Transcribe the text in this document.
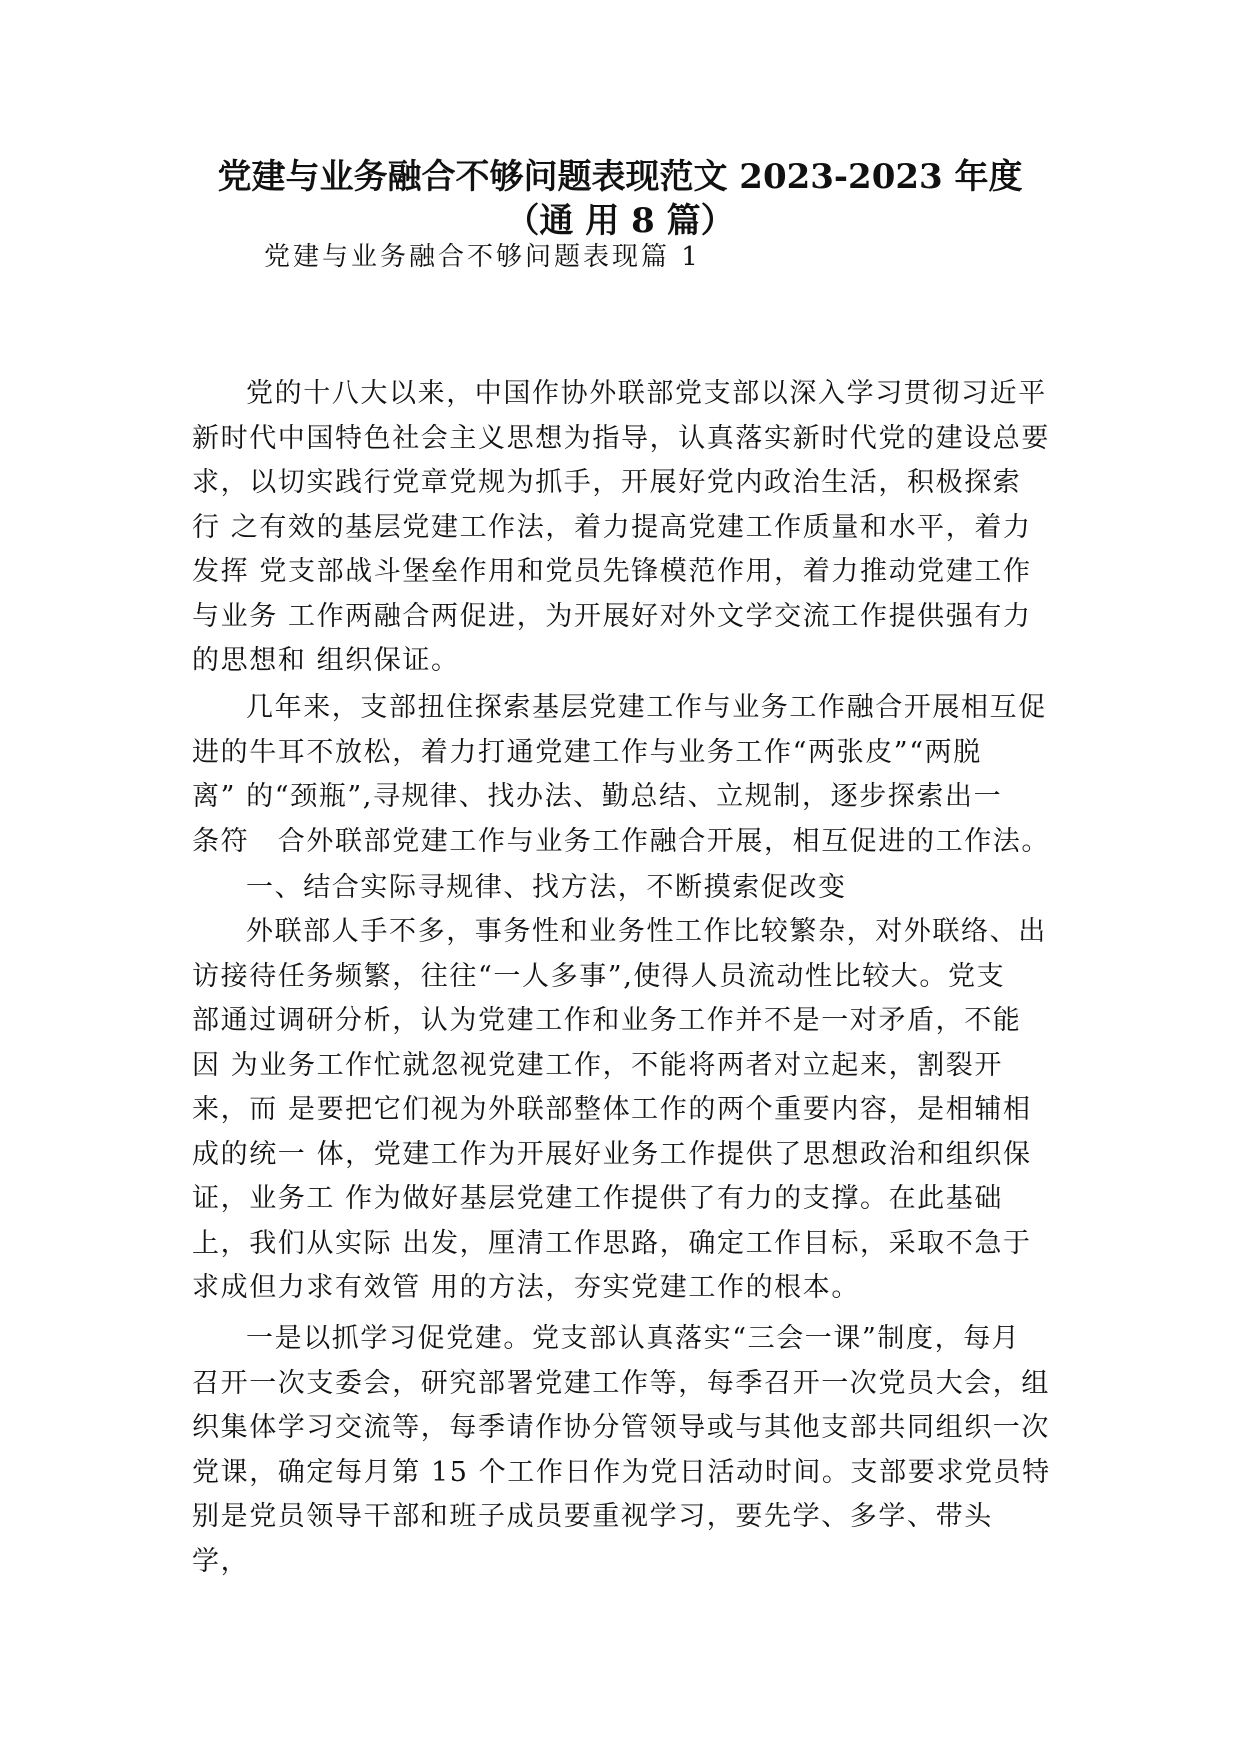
党建与业务融合不够问题表现范文 2023-2023 年度
（通 用 8 篇）
党建与业务融合不够问题表现篇 1
党的十八大以来，中国作协外联部党支部以深入学习贯彻习近平
新时代中国特色社会主义思想为指导，认真落实新时代党的建设总要
求，以切实践行党章党规为抓手，开展好党内政治生活，积极探索
行 之有效的基层党建工作法，着力提高党建工作质量和水平，着力
发挥 党支部战斗堡垒作用和党员先锋模范作用，着力推动党建工作
与业务 工作两融合两促进，为开展好对外文学交流工作提供强有力
的思想和 组织保证。
几年来，支部扭住探索基层党建工作与业务工作融合开展相互促
进的牛耳不放松，着力打通党建工作与业务工作“两张皮”“两脱
离” 的“颈瓶”,寻规律、找办法、勤总结、立规制，逐步探索出一
条符　合外联部党建工作与业务工作融合开展，相互促进的工作法。
一、结合实际寻规律、找方法，不断摸索促改变
外联部人手不多，事务性和业务性工作比较繁杂，对外联络、出
访接待任务频繁，往往“一人多事”,使得人员流动性比较大。党支
部通过调研分析，认为党建工作和业务工作并不是一对矛盾，不能
因 为业务工作忙就忽视党建工作，不能将两者对立起来，割裂开
来，而 是要把它们视为外联部整体工作的两个重要内容，是相辅相
成的统一 体，党建工作为开展好业务工作提供了思想政治和组织保
证，业务工 作为做好基层党建工作提供了有力的支撑。在此基础
上，我们从实际 出发，厘清工作思路，确定工作目标，采取不急于
求成但力求有效管 用的方法，夯实党建工作的根本。
一是以抓学习促党建。党支部认真落实“三会一课”制度，每月
召开一次支委会，研究部署党建工作等，每季召开一次党员大会，组
织集体学习交流等，每季请作协分管领导或与其他支部共同组织一次
党课，确定每月第 15 个工作日作为党日活动时间。支部要求党员特
别是党员领导干部和班子成员要重视学习，要先学、多学、带头
学，
